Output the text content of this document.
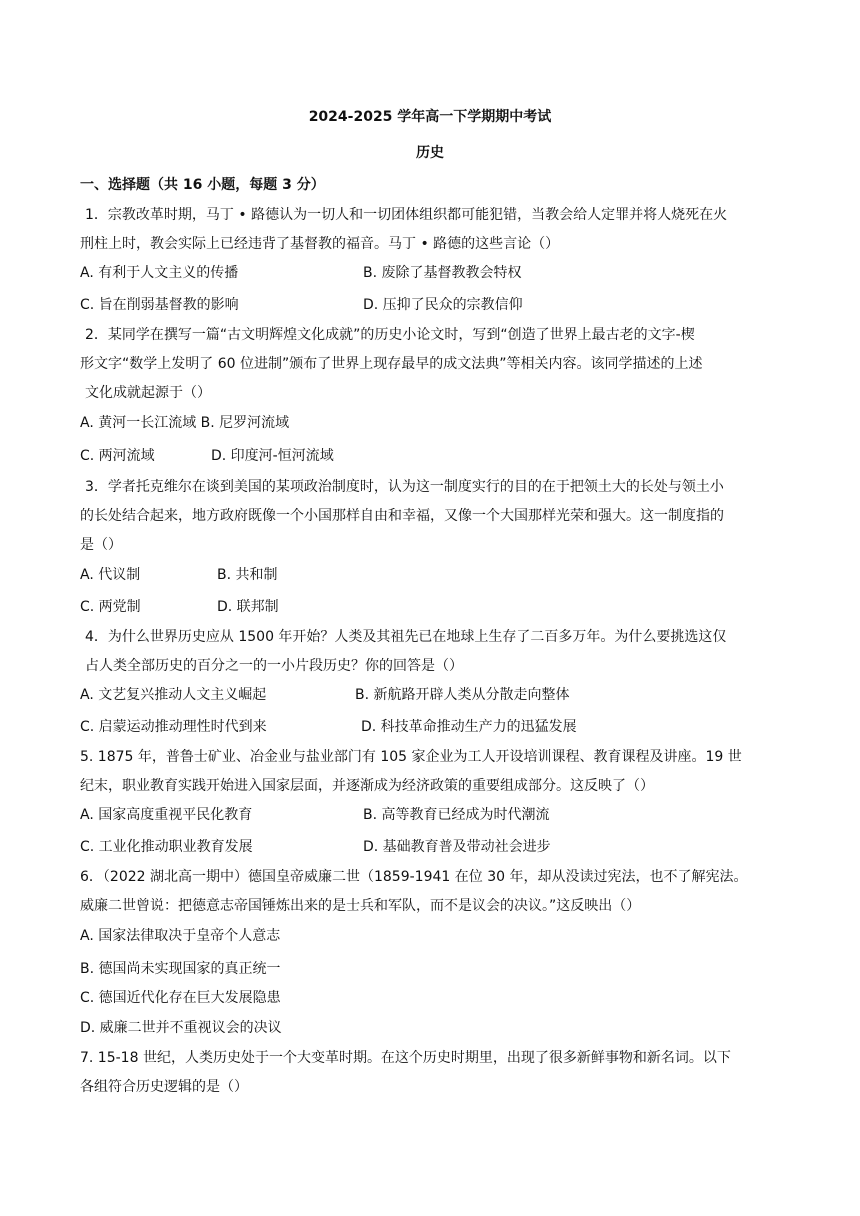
2024-2025 学年高一下学期期中考试
历史
一、选择题（共 16 小题，每题 3 分）
1．宗教改革时期，马丁 • 路德认为一切人和一切团体组织都可能犯错，当教会给人定罪并将人烧死在火
刑柱上时，教会实际上已经违背了基督教的福音。马丁 • 路德的这些言论（）
A. 有利于人文主义的传播	B. 废除了基督教教会特权
C. 旨在削弱基督教的影响	D. 压抑了民众的宗教信仰
2．某同学在撰写一篇“古文明辉煌文化成就”的历史小论文时，写到“创造了世界上最古老的文字-楔
形文字“数学上发明了 60 位进制”颁布了世界上现存最早的成文法典”等相关内容。该同学描述的上述
文化成就起源于（）
A. 黄河一长江流域 B. 尼罗河流域
C. 两河流域	D. 印度河-恒河流域
3．学者托克维尔在谈到美国的某项政治制度时，认为这一制度实行的目的在于把领土大的长处与领土小
的长处结合起来，地方政府既像一个小国那样自由和幸福，又像一个大国那样光荣和强大。这一制度指的
是（）
A. 代议制	B. 共和制
C. 两党制	D. 联邦制
4．为什么世界历史应从 1500 年开始？人类及其祖先已在地球上生存了二百多万年。为什么要挑选这仅
占人类全部历史的百分之一的一小片段历史？你的回答是（）
A. 文艺复兴推动人文主义崛起	B. 新航路开辟人类从分散走向整体
C. 启蒙运动推动理性时代到来	D. 科技革命推动生产力的迅猛发展
5. 1875 年，普鲁士矿业、冶金业与盐业部门有 105 家企业为工人开设培训课程、教育课程及讲座。19 世
纪末，职业教育实践开始进入国家层面，并逐渐成为经济政策的重要组成部分。这反映了（）
A. 国家高度重视平民化教育	B. 高等教育已经成为时代潮流
C. 工业化推动职业教育发展	D. 基础教育普及带动社会进步
6．（2022 湖北高一期中）德国皇帝威廉二世（1859-1941 在位 30 年，却从没读过宪法，也不了解宪法。
威廉二世曾说：把德意志帝国锤炼出来的是士兵和军队，而不是议会的决议。”这反映出（）
A. 国家法律取决于皇帝个人意志
B. 德国尚未实现国家的真正统一
C. 德国近代化存在巨大发展隐患
D. 威廉二世并不重视议会的决议
7. 15-18 世纪，人类历史处于一个大变革时期。在这个历史时期里，出现了很多新鲜事物和新名词。以下
各组符合历史逻辑的是（）
